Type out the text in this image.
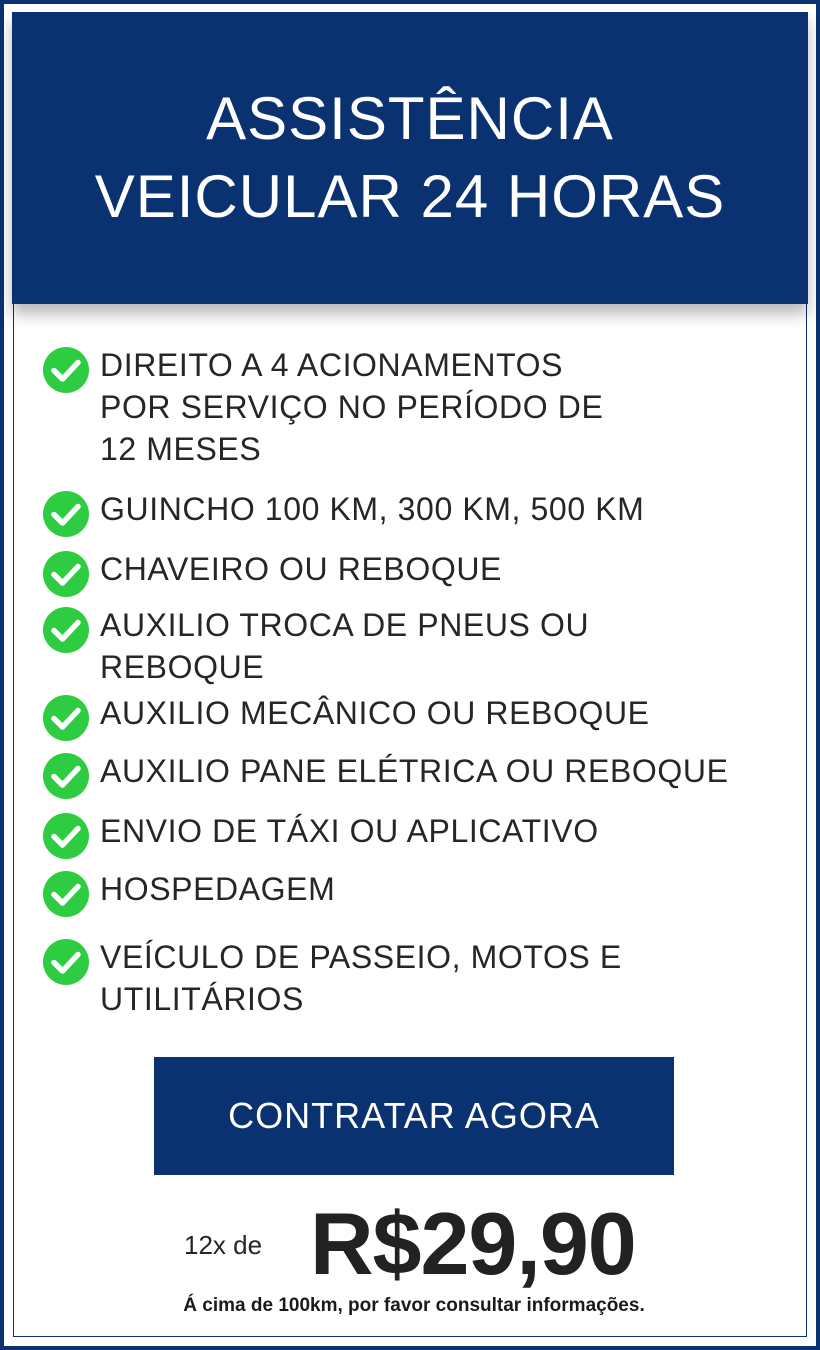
ASSISTÊNCIA
VEICULAR 24 HORAS
DIREITO A 4 ACIONAMENTOS
POR SERVIÇO NO PERÍODO DE
12 MESES
GUINCHO 100 KM, 300 KM, 500 KM
CHAVEIRO OU REBOQUE
AUXILIO TROCA DE PNEUS OU
REBOQUE
AUXILIO MECÂNICO OU REBOQUE
AUXILIO PANE ELÉTRICA OU REBOQUE
ENVIO DE TÁXI OU APLICATIVO
HOSPEDAGEM
VEÍCULO DE PASSEIO, MOTOS E
UTILITÁRIOS
CONTRATAR AGORA
12x de R$29,90
Á cima de 100km, por favor consultar informações.
